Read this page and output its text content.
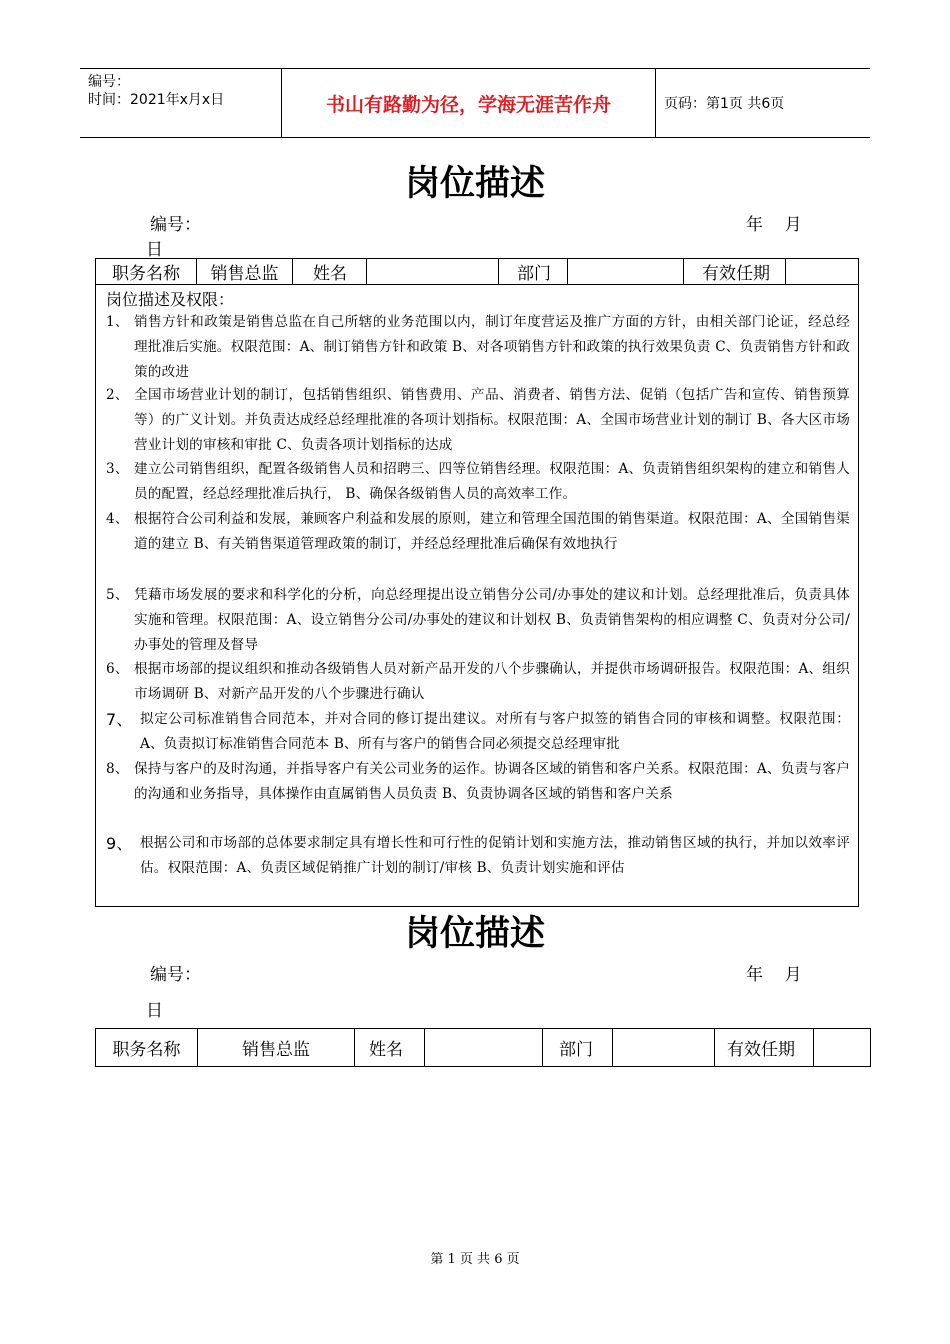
编号：
时间：2021年x月x日	书山有路勤为径，学海无涯苦作舟	页码：第1页 共6页
岗位描述
编号：	年    月
日
职务名称	销售总监	姓名	部门	有效任期
岗位描述及权限：
1、 销售方针和政策是销售总监在自己所辖的业务范围以内，制订年度营运及推广方面的方针，由相关部门论证，经总经理批准后实施。权限范围：A、制订销售方针和政策 B、对各项销售方针和政策的执行效果负责 C、负责销售方针和政策的改进
2、 全国市场营业计划的制订，包括销售组织、销售费用、产品、消费者、销售方法、促销（包括广告和宣传、销售预算等）的广义计划。并负责达成经总经理批准的各项计划指标。权限范围：A、全国市场营业计划的制订 B、各大区市场营业计划的审核和审批 C、负责各项计划指标的达成
3、 建立公司销售组织，配置各级销售人员和招聘三、四等位销售经理。权限范围：A、负责销售组织架构的建立和销售人员的配置，经总经理批准后执行， B、确保各级销售人员的高效率工作。
4、 根据符合公司利益和发展，兼顾客户利益和发展的原则，建立和管理全国范围的销售渠道。权限范围：A、全国销售渠道的建立 B、有关销售渠道管理政策的制订，并经总经理批准后确保有效地执行
5、 凭藉市场发展的要求和科学化的分析，向总经理提出设立销售分公司/办事处的建议和计划。总经理批准后，负责具体实施和管理。权限范围：A、设立销售分公司/办事处的建议和计划权 B、负责销售架构的相应调整 C、负责对分公司/办事处的管理及督导
6、 根据市场部的提议组织和推动各级销售人员对新产品开发的八个步骤确认，并提供市场调研报告。权限范围：A、组织市场调研 B、对新产品开发的八个步骤进行确认
7、 拟定公司标准销售合同范本，并对合同的修订提出建议。对所有与客户拟签的销售合同的审核和调整。权限范围：A、负责拟订标准销售合同范本 B、所有与客户的销售合同必须提交总经理审批
8、 保持与客户的及时沟通，并指导客户有关公司业务的运作。协调各区域的销售和客户关系。权限范围：A、负责与客户的沟通和业务指导，具体操作由直属销售人员负责 B、负责协调各区域的销售和客户关系
9、 根据公司和市场部的总体要求制定具有增长性和可行性的促销计划和实施方法，推动销售区域的执行，并加以效率评估。权限范围：A、负责区域促销推广计划的制订/审核 B、负责计划实施和评估
岗位描述
编号：	年    月
日
职务名称	销售总监	姓名	部门	有效任期
第 1 页 共 6 页
